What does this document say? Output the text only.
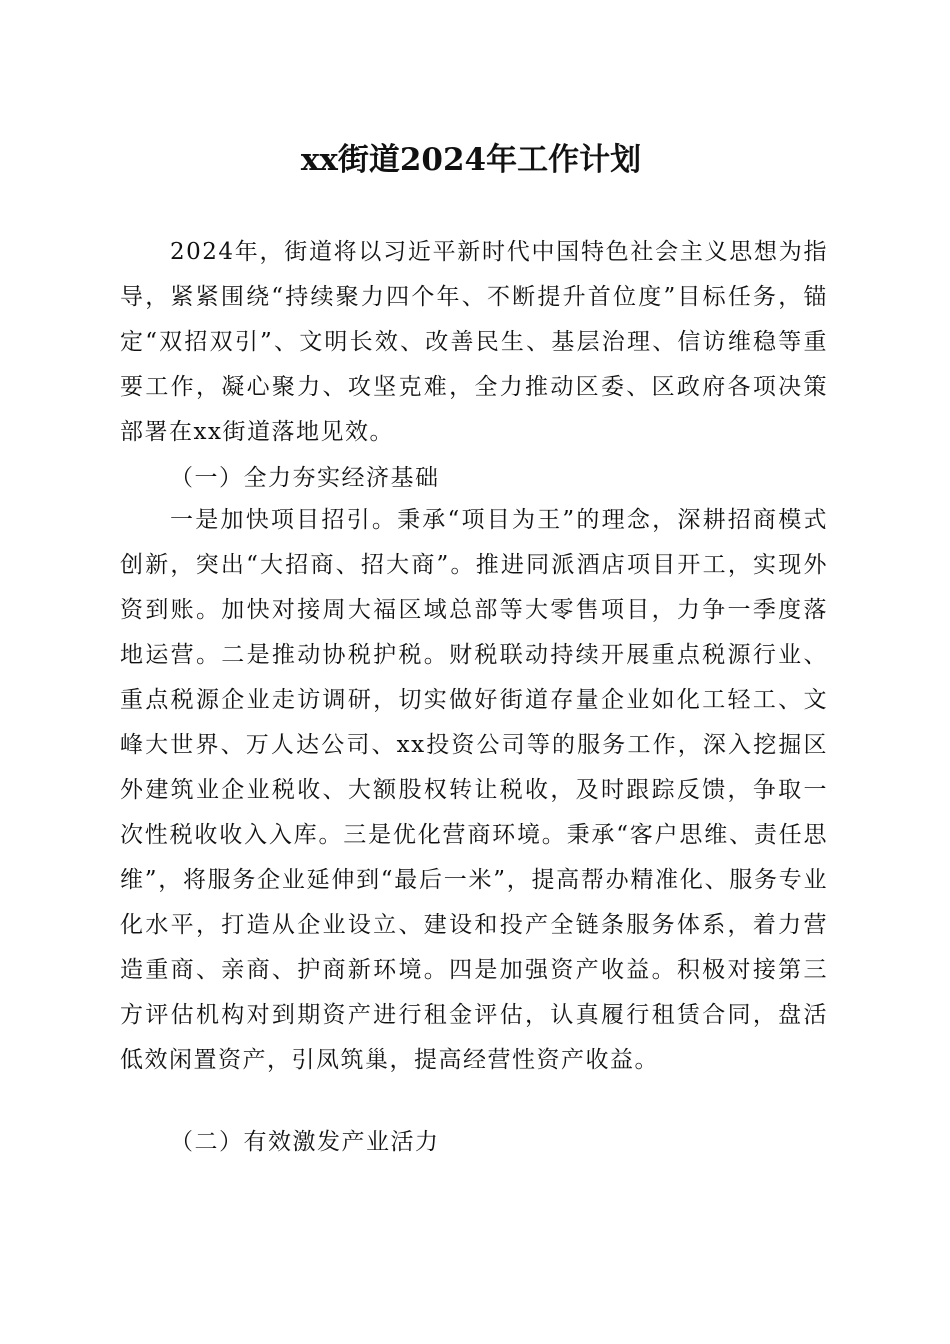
xx街道2024年工作计划

2024年，街道将以习近平新时代中国特色社会主义思想为指导，紧紧围绕“持续聚力四个年、不断提升首位度”目标任务，锚定“双招双引”、文明长效、改善民生、基层治理、信访维稳等重要工作，凝心聚力、攻坚克难，全力推动区委、区政府各项决策部署在xx街道落地见效。

（一）全力夯实经济基础

一是加快项目招引。秉承“项目为王”的理念，深耕招商模式创新，突出“大招商、招大商”。推进同派酒店项目开工，实现外资到账。加快对接周大福区域总部等大零售项目，力争一季度落地运营。二是推动协税护税。财税联动持续开展重点税源行业、重点税源企业走访调研，切实做好街道存量企业如化工轻工、文峰大世界、万人达公司、xx投资公司等的服务工作，深入挖掘区外建筑业企业税收、大额股权转让税收，及时跟踪反馈，争取一次性税收收入入库。三是优化营商环境。秉承“客户思维、责任思维”，将服务企业延伸到“最后一米”，提高帮办精准化、服务专业化水平，打造从企业设立、建设和投产全链条服务体系，着力营造重商、亲商、护商新环境。四是加强资产收益。积极对接第三方评估机构对到期资产进行租金评估，认真履行租赁合同，盘活低效闲置资产，引凤筑巢，提高经营性资产收益。

（二）有效激发产业活力
